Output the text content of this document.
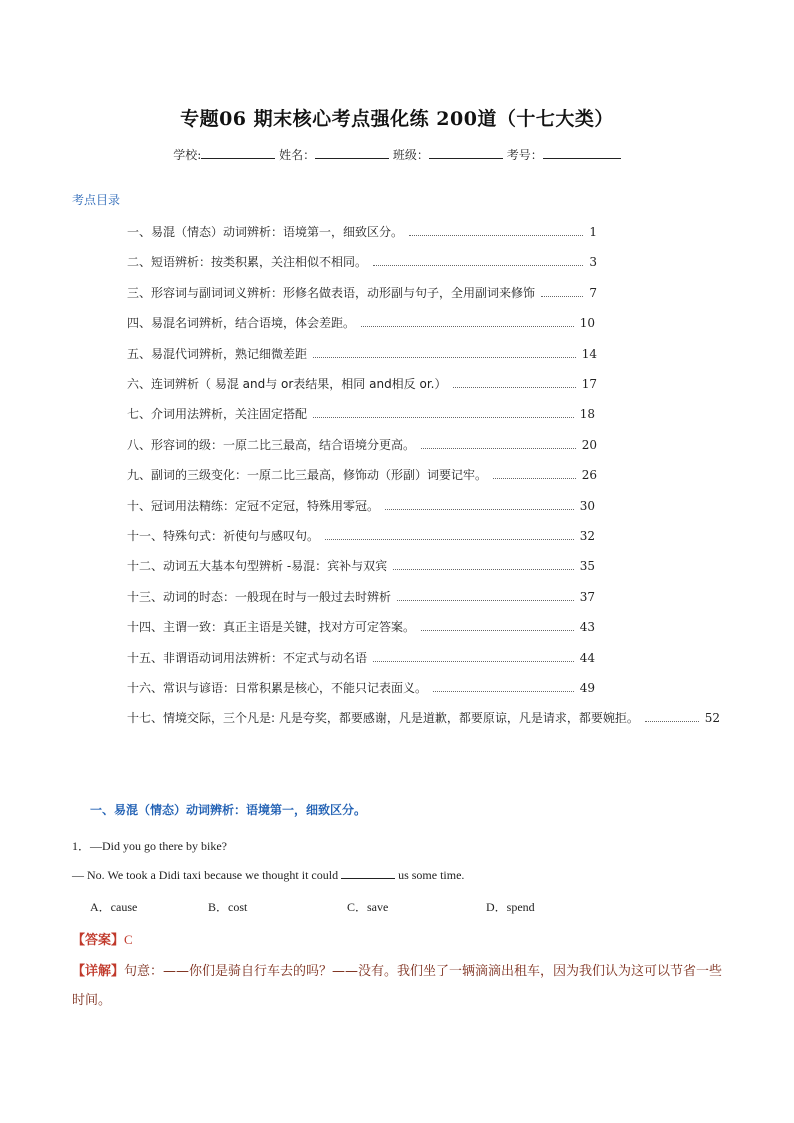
专题06 期末核心考点强化练 200道（十七大类）
学校:	姓名：	班级：	考号：
考点目录
一、易混（情态）动词辨析：语境第一，细致区分。	1
二、短语辨析：按类积累，关注相似不相同。	3
三、形容词与副词词义辨析：形修名做表语，动形副与句子，全用副词来修饰	7
四、易混名词辨析，结合语境，体会差距。	10
五、易混代词辨析，熟记细微差距	14
六、连词辨析（ 易混 and与 or表结果，相同 and相反 or.）	17
七、介词用法辨析，关注固定搭配	18
八、形容词的级：一原二比三最高，结合语境分更高。	20
九、副词的三级变化：一原二比三最高，修饰动（形副）词要记牢。	26
十、冠词用法精练：定冠不定冠，特殊用零冠。	30
十一、特殊句式：祈使句与感叹句。	32
十二、动词五大基本句型辨析 -易混：宾补与双宾	35
十三、动词的时态：一般现在时与一般过去时辨析	37
十四、主谓一致：真正主语是关键，找对方可定答案。	43
十五、非谓语动词用法辨析：不定式与动名语	44
十六、常识与谚语：日常积累是核心，不能只记表面义。	49
十七、情境交际，三个凡是: 凡是夸奖，都要感谢，凡是道歉，都要原谅，凡是请求，都要婉拒。	52
一、易混（情态）动词辨析：语境第一，细致区分。
1．—Did you go there by bike?
— No. We took a Didi taxi because we thought it could	us some time.
A．cause	B．cost	C．save	D．spend
【答案】C
【详解】句意：——你们是骑自行车去的吗？——没有。我们坐了一辆滴滴出租车，因为我们认为这可以节省一些时间。
